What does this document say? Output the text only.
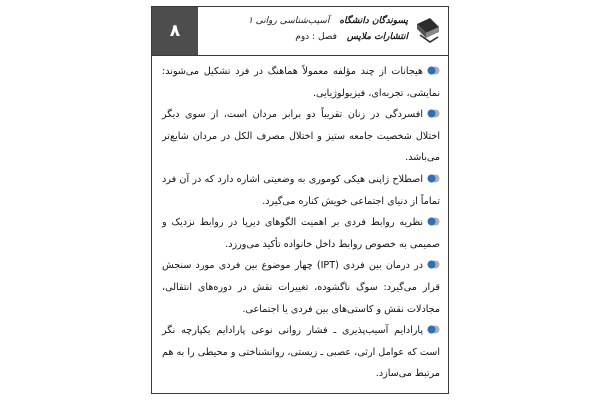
۸	پسوندگان دانشگاه
آسیب‌شناسی روانی ۱
انتشارات ملاپس
فصل : دوم

هیجانات از چند مؤلفه معمولاً هماهنگ در فرد تشکیل می‌شوند: نمایشی، تجربه‌ای، فیزیولوژیایی.

افسردگی در زنان تقریباً دو برابر مردان است، از سوی دیگر اختلال شخصیت جامعه ستیز و اختلال مصرف الکل در مردان شایع‌تر می‌باشد.

اصطلاح ژاپنی هیکی کوموری به وضعیتی اشاره دارد که در آن فرد تماماً از دنیای اجتماعی خویش کناره می‌گیرد.

نظریه روابط فردی بر اهمیت الگوهای دیرپا در روابط نزدیک و صمیمی به خصوص روابط داخل خانواده تأکید می‌ورزد.

در درمان بین فردی (IPT) چهار موضوع بین فردی مورد سنجش قرار می‌گیرد: سوگ ناگشوده، تغییرات نقش در دوره‌های انتقالی، مجادلات نقش و کاستی‌های بین فردی یا اجتماعی.

پارادایم آسیب‌پذیری ـ فشار روانی نوعی پارادایم یکپارچه نگر است که عوامل ارثی، عصبی ـ زیستی، روانشناختی و محیطی را به هم مرتبط می‌سازد.
